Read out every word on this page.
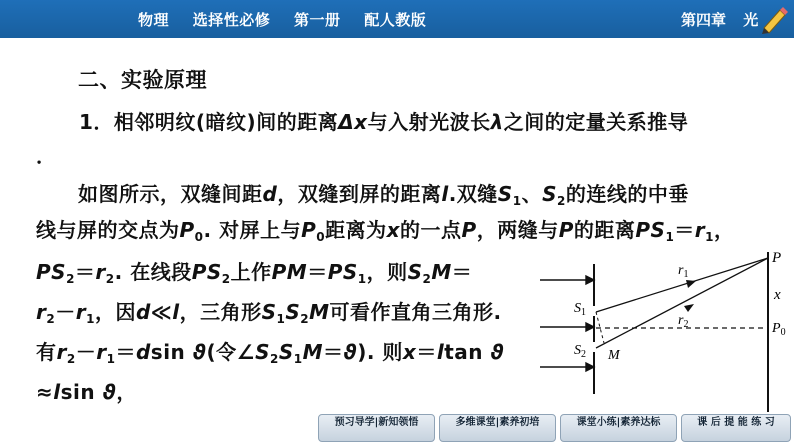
物理 选择性必修 第一册 配人教版	第四章 光
二、实验原理
1．相邻明纹(暗纹)间的距离Δx与入射光波长λ之间的定量关系推导
．
如图所示，双缝间距d，双缝到屏的距离l.双缝$S_1$、$S_2$的连线的中垂
线与屏的交点为$P_0$. 对屏上与$P_0$距离为x的一点P，两缝与P的距离$PS_1=r_1$，
$PS_2=r_2$. 在线段$PS_2$上作$PM=PS_1$，则$S_2M=$
$r_2-r_1$，因d≪l，三角形$S_1S_2M$可看作直角三角形.
有$r_2-r_1=dsin$ ϑ(令$\angle S_2S_1M=ϑ$). 则x＝ltan ϑ
≈lsin ϑ，
P
$r_1$
$r_2$
x
$S_1$
$S_2$ M
$P_0$
预习导学|新知领悟	多维课堂|素养初培	课堂小练|素养达标	课 后 提 能 练 习
